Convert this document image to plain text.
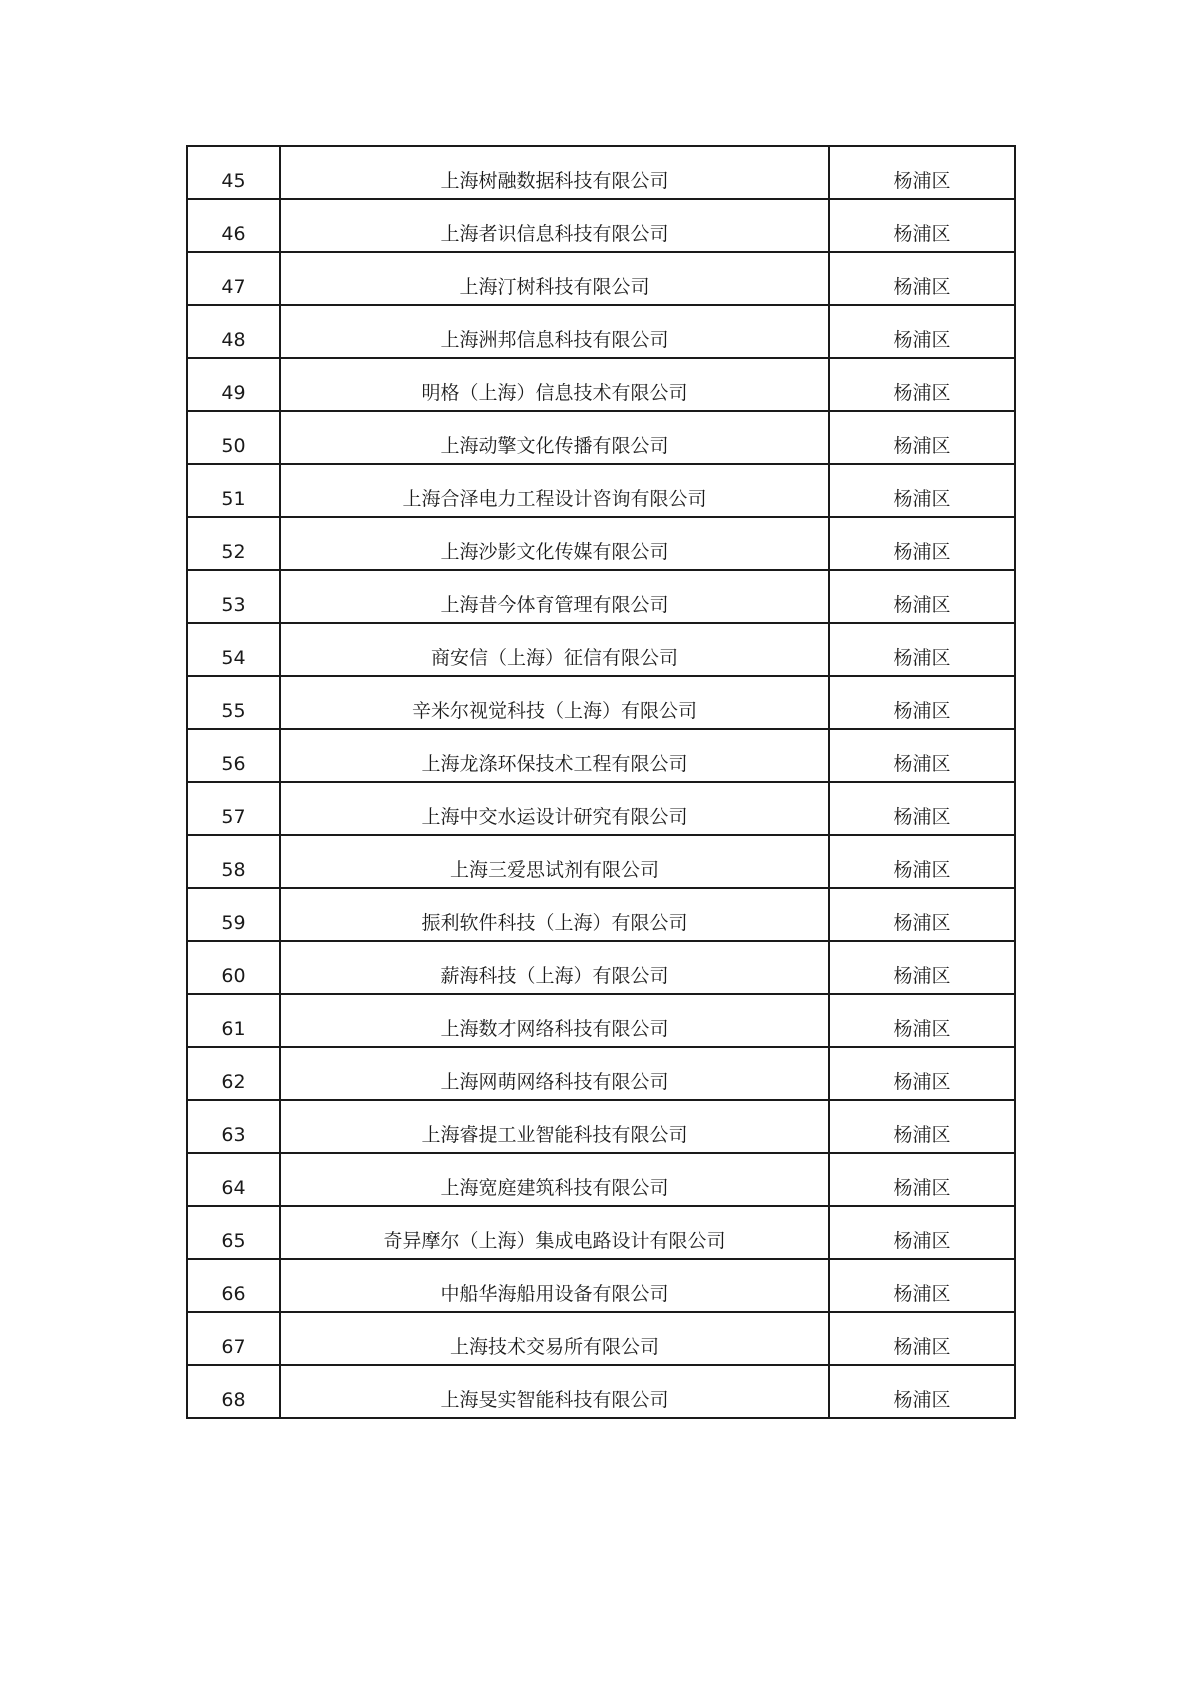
45	上海树融数据科技有限公司	杨浦区
46	上海者识信息科技有限公司	杨浦区
47	上海汀树科技有限公司	杨浦区
48	上海洲邦信息科技有限公司	杨浦区
49	明格（上海）信息技术有限公司	杨浦区
50	上海动擎文化传播有限公司	杨浦区
51	上海合泽电力工程设计咨询有限公司	杨浦区
52	上海沙影文化传媒有限公司	杨浦区
53	上海昔今体育管理有限公司	杨浦区
54	商安信（上海）征信有限公司	杨浦区
55	辛米尔视觉科技（上海）有限公司	杨浦区
56	上海龙涤环保技术工程有限公司	杨浦区
57	上海中交水运设计研究有限公司	杨浦区
58	上海三爱思试剂有限公司	杨浦区
59	振利软件科技（上海）有限公司	杨浦区
60	薪海科技（上海）有限公司	杨浦区
61	上海数才网络科技有限公司	杨浦区
62	上海网萌网络科技有限公司	杨浦区
63	上海睿提工业智能科技有限公司	杨浦区
64	上海宽庭建筑科技有限公司	杨浦区
65	奇异摩尔（上海）集成电路设计有限公司	杨浦区
66	中船华海船用设备有限公司	杨浦区
67	上海技术交易所有限公司	杨浦区
68	上海旻实智能科技有限公司	杨浦区
